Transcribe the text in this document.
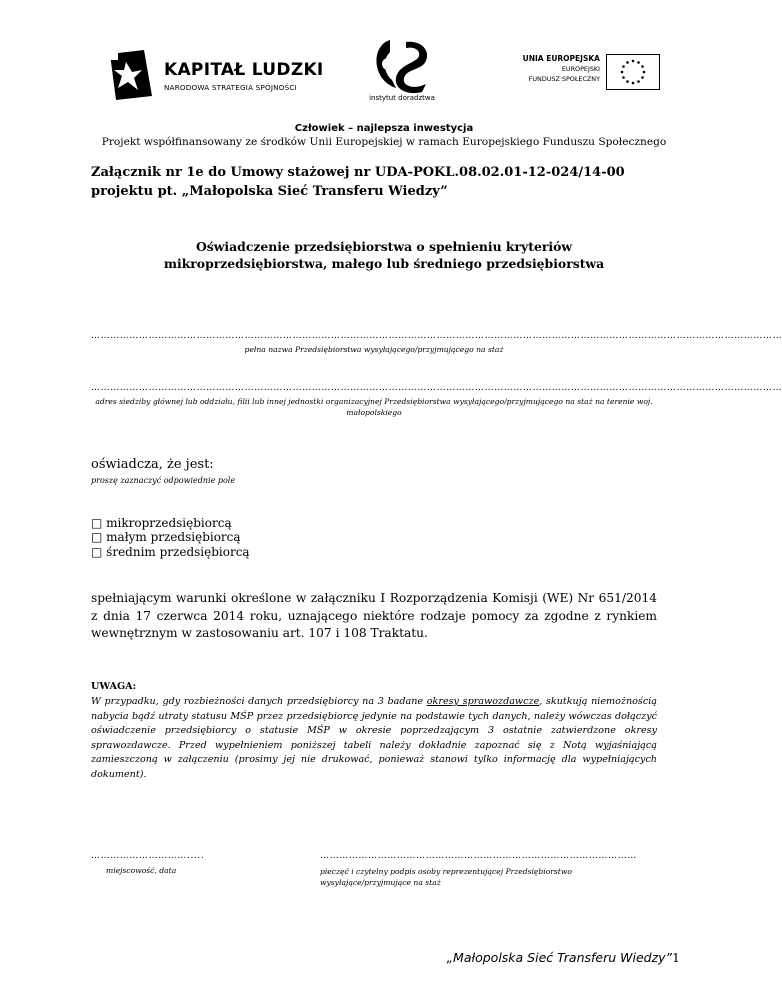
KAPITAŁ LUDZKI
NARODOWA STRATEGIA SPÓJNOŚCI
instytut doradztwa
UNIA EUROPEJSKA
EUROPEJSKI
FUNDUSZ SPOŁECZNY
Człowiek – najlepsza inwestycja
Projekt współfinansowany ze środków Unii Europejskiej w ramach Europejskiego Funduszu Społecznego
Załącznik nr 1e do Umowy stażowej nr UDA-POKL.08.02.01-12-024/14-00
projektu pt. „Małopolska Sieć Transferu Wiedzy”
Oświadczenie przedsiębiorstwa o spełnieniu kryteriów
mikroprzedsiębiorstwa, małego lub średniego przedsiębiorstwa
………………………………………………………………………………………………………………………………………………………………………………………………
pełna nazwa Przedsiębiorstwa wysyłającego/przyjmującego na staż
………………………………………………………………………………………………………………………………………………………………………………………………
adres siedziby głównej lub oddziału, filii lub innej jednostki organizacyjnej Przedsiębiorstwa wysyłającego/przyjmującego na staż na terenie woj. małopolskiego
oświadcza, że jest:
proszę zaznaczyć odpowiednie pole
□ mikroprzedsiębiorcą
□ małym przedsiębiorcą
□ średnim przedsiębiorcą
spełniającym warunki określone w załączniku I Rozporządzenia Komisji (WE) Nr 651/2014 z dnia 17 czerwca 2014 roku, uznającego niektóre rodzaje pomocy za zgodne z rynkiem wewnętrznym w zastosowaniu art. 107 i 108 Traktatu.
UWAGA:
W przypadku, gdy rozbieżności danych przedsiębiorcy na 3 badane okresy sprawozdawcze, skutkują niemożnością nabycia bądź utraty statusu MŚP przez przedsiębiorcę jedynie na podstawie tych danych, należy wówczas dołączyć oświadczenie przedsiębiorcy o statusie MŚP w okresie poprzedzającym 3 ostatnie zatwierdzone okresy sprawozdawcze. Przed wypełnieniem poniższej tabeli należy dokładnie zapoznać się z Notą wyjaśniającą zamieszczoną w załączeniu (prosimy jej nie drukować, ponieważ stanowi tylko informację dla wypełniających dokument).
………………………….....	………………………………………………………………………………………
miejscowość, data	pieczęć i czytelny podpis osoby reprezentującej Przedsiębiorstwo wysyłające/przyjmujące na staż
„Małopolska Sieć Transferu Wiedzy”1
